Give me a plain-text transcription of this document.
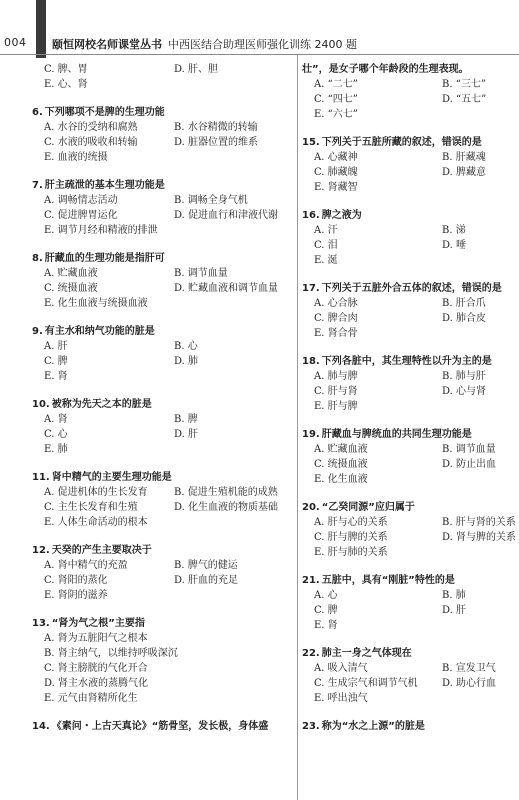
004 颐恒网校名师课堂丛书 中西医结合助理医师强化训练 2400 题
C. 脾、胃	D. 肝、胆
E. 心、肾
6. 下列哪项不是脾的生理功能
A. 水谷的受纳和腐熟	B. 水谷精微的转输
C. 水液的吸收和转输	D. 脏器位置的维系
E. 血液的统摄
7. 肝主疏泄的基本生理功能是
A. 调畅情志活动	B. 调畅全身气机
C. 促进脾胃运化	D. 促进血行和津液代谢
E. 调节月经和精液的排泄
8. 肝藏血的生理功能是指肝可
A. 贮藏血液	B. 调节血量
C. 统摄血液	D. 贮藏血液和调节血量
E. 化生血液与统摄血液
9. 有主水和纳气功能的脏是
A. 肝	B. 心
C. 脾	D. 肺
E. 肾
10. 被称为先天之本的脏是
A. 肾	B. 脾
C. 心	D. 肝
E. 肺
11. 肾中精气的主要生理功能是
A. 促进机体的生长发育	B. 促进生殖机能的成熟
C. 主生长发育和生殖	D. 化生血液的物质基础
E. 人体生命活动的根本
12. 天癸的产生主要取决于
A. 肾中精气的充盈	B. 脾气的健运
C. 肾阳的蒸化	D. 肝血的充足
E. 肾阴的滋养
13. “肾为气之根”主要指
A. 肾为五脏阳气之根本
B. 肾主纳气，以维持呼吸深沉
C. 肾主膀胱的气化开合
D. 肾主水液的蒸腾气化
E. 元气由肾精所化生
14. 《素问・上古天真论》“筋骨坚，发长极，身体盛
壮”，是女子哪个年龄段的生理表现。
A. “二七”	B. “三七”
C. “四七”	D. “五七”
E. “六七”
15. 下列关于五脏所藏的叙述，错误的是
A. 心藏神	B. 肝藏魂
C. 肺藏魄	D. 脾藏意
E. 肾藏智
16. 脾之液为
A. 汗	B. 涕
C. 泪	D. 唾
E. 涎
17. 下列关于五脏外合五体的叙述，错误的是
A. 心合脉	B. 肝合爪
C. 脾合肉	D. 肺合皮
E. 肾合骨
18. 下列各脏中，其生理特性以升为主的是
A. 肺与脾	B. 肺与肝
C. 肝与肾	D. 心与肾
E. 肝与脾
19. 肝藏血与脾统血的共同生理功能是
A. 贮藏血液	B. 调节血量
C. 统摄血液	D. 防止出血
E. 化生血液
20. “乙癸同源”应归属于
A. 肝与心的关系	B. 肝与肾的关系
C. 肝与脾的关系	D. 肾与脾的关系
E. 肝与肺的关系
21. 五脏中，具有“刚脏”特性的是
A. 心	B. 肺
C. 脾	D. 肝
E. 肾
22. 肺主一身之气体现在
A. 吸入清气	B. 宣发卫气
C. 生成宗气和调节气机	D. 助心行血
E. 呼出浊气
23. 称为“水之上源”的脏是
